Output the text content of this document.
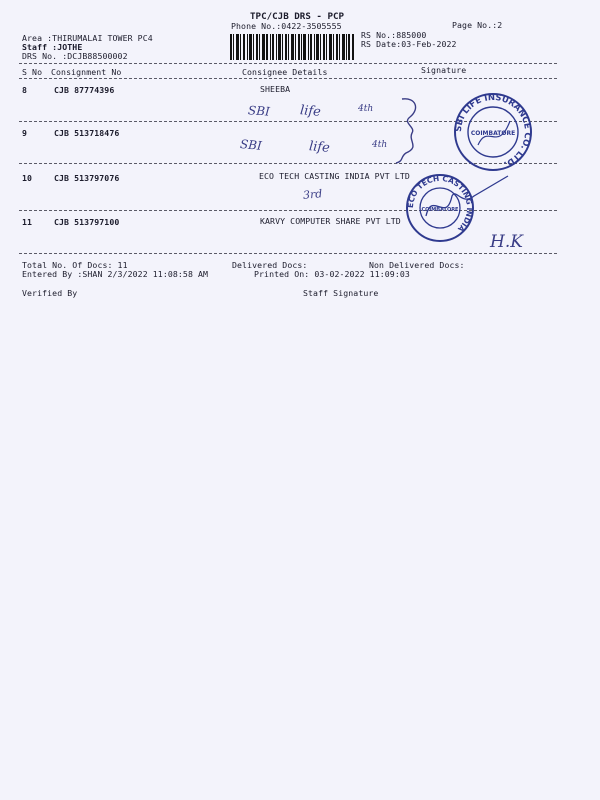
TPC/CJB DRS - PCP
Phone No.:0422-3505555	Page No.:2
Area :THIRUMALAI TOWER PC4
Staff :JOTHE
DRS No. :DCJB88500002
RS No.:885000
RS Date:03-Feb-2022
S No Consignment No	Consignee Details	Signature
8	CJB 87774396	SHEEBA
9	CJB 513718476
10	CJB 513797076	ECO TECH CASTING INDIA PVT LTD
11	CJB 513797100	KARVY COMPUTER SHARE PVT LTD
SBI life	4th
SBI	life	4th
3rd
H.K
SBI LIFE INSURANCE CO. LTD.
COIMBATORE
ECO TECH CASTING INDIA
COIMBATORE
Total No. Of Docs: 11	Delivered Docs:	Non Delivered Docs:
Entered By :SHAN 2/3/2022 11:08:58 AM	Printed On: 03-02-2022 11:09:03
Verified By	Staff Signature
